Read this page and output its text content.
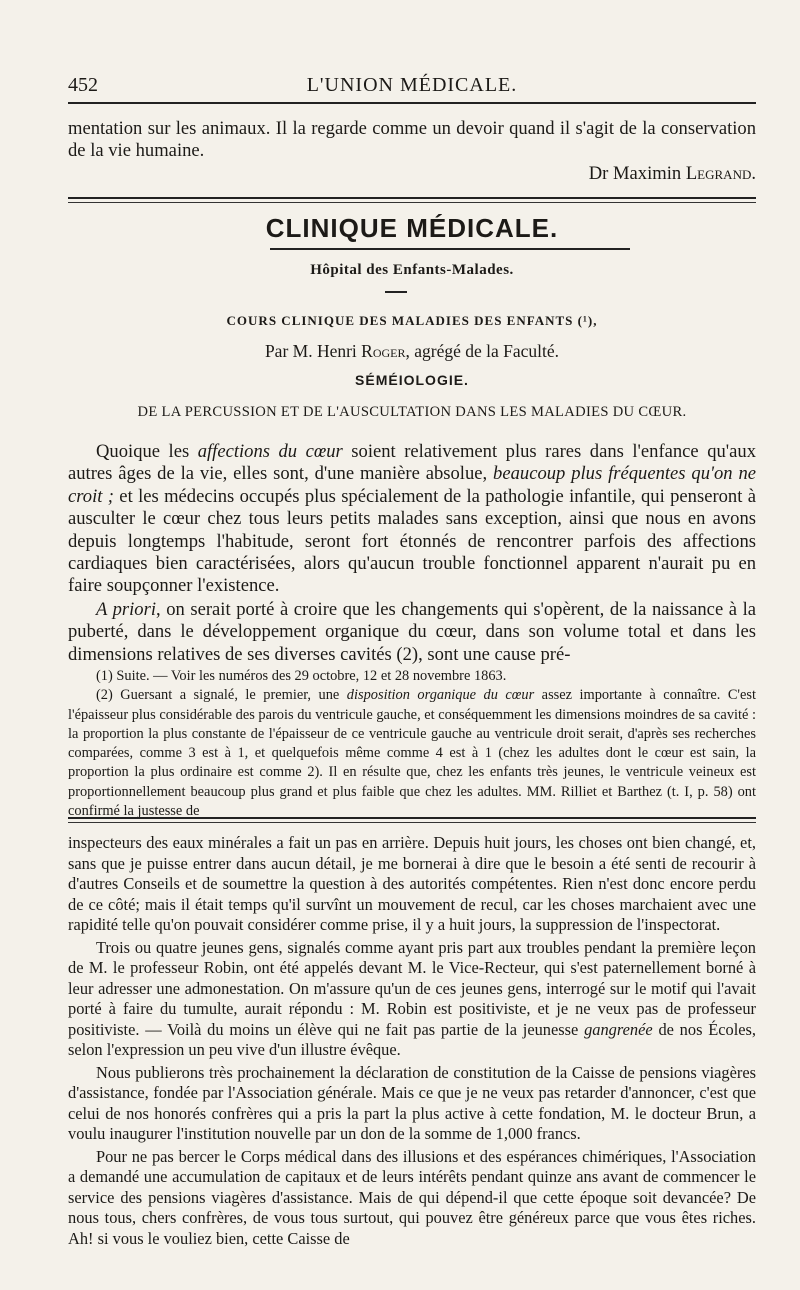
452	L'UNION MÉDICALE.

mentation sur les animaux. Il la regarde comme un devoir quand il s'agit de la conservation de la vie humaine.

Dr Maximin Legrand.
CLINIQUE MÉDICALE.
Hôpital des Enfants-Malades.
COURS CLINIQUE DES MALADIES DES ENFANTS (¹),
Par M. Henri Roger, agrégé de la Faculté.
SÉMÉIOLOGIE.
DE LA PERCUSSION ET DE L'AUSCULTATION DANS LES MALADIES DU CŒUR.

Quoique les affections du cœur soient relativement plus rares dans l'enfance qu'aux autres âges de la vie, elles sont, d'une manière absolue, beaucoup plus fréquentes qu'on ne croit ; et les médecins occupés plus spécialement de la pathologie infantile, qui penseront à ausculter le cœur chez tous leurs petits malades sans exception, ainsi que nous en avons depuis longtemps l'habitude, seront fort étonnés de rencontrer parfois des affections cardiaques bien caractérisées, alors qu'aucun trouble fonctionnel apparent n'aurait pu en faire soupçonner l'existence.

A priori, on serait porté à croire que les changements qui s'opèrent, de la naissance à la puberté, dans le développement organique du cœur, dans son volume total et dans les dimensions relatives de ses diverses cavités (2), sont une cause pré-

(1) Suite. — Voir les numéros des 29 octobre, 12 et 28 novembre 1863.

(2) Guersant a signalé, le premier, une disposition organique du cœur assez importante à connaître. C'est l'épaisseur plus considérable des parois du ventricule gauche, et conséquemment les dimensions moindres de sa cavité : la proportion la plus constante de l'épaisseur de ce ventricule gauche au ventricule droit serait, d'après ses recherches comparées, comme 3 est à 1, et quelquefois même comme 4 est à 1 (chez les adultes dont le cœur est sain, la proportion la plus ordinaire est comme 2). Il en résulte que, chez les enfants très jeunes, le ventricule veineux est proportionnellement beaucoup plus grand et plus faible que chez les adultes. MM. Rilliet et Barthez (t. I, p. 58) ont confirmé la justesse de

inspecteurs des eaux minérales a fait un pas en arrière. Depuis huit jours, les choses ont bien changé, et, sans que je puisse entrer dans aucun détail, je me bornerai à dire que le besoin a été senti de recourir à d'autres Conseils et de soumettre la question à des autorités compétentes. Rien n'est donc encore perdu de ce côté; mais il était temps qu'il survînt un mouvement de recul, car les choses marchaient avec une rapidité telle qu'on pouvait considérer comme prise, il y a huit jours, la suppression de l'inspectorat.

Trois ou quatre jeunes gens, signalés comme ayant pris part aux troubles pendant la première leçon de M. le professeur Robin, ont été appelés devant M. le Vice-Recteur, qui s'est paternellement borné à leur adresser une admonestation. On m'assure qu'un de ces jeunes gens, interrogé sur le motif qui l'avait porté à faire du tumulte, aurait répondu : M. Robin est positiviste, et je ne veux pas de professeur positiviste. — Voilà du moins un élève qui ne fait pas partie de la jeunesse gangrenée de nos Écoles, selon l'expression un peu vive d'un illustre évêque.

Nous publierons très prochainement la déclaration de constitution de la Caisse de pensions viagères d'assistance, fondée par l'Association générale. Mais ce que je ne veux pas retarder d'annoncer, c'est que celui de nos honorés confrères qui a pris la part la plus active à cette fondation, M. le docteur Brun, a voulu inaugurer l'institution nouvelle par un don de la somme de 1,000 francs.

Pour ne pas bercer le Corps médical dans des illusions et des espérances chimériques, l'Association a demandé une accumulation de capitaux et de leurs intérêts pendant quinze ans avant de commencer le service des pensions viagères d'assistance. Mais de qui dépend-il que cette époque soit devancée? De nous tous, chers confrères, de vous tous surtout, qui pouvez être généreux parce que vous êtes riches. Ah! si vous le vouliez bien, cette Caisse de
